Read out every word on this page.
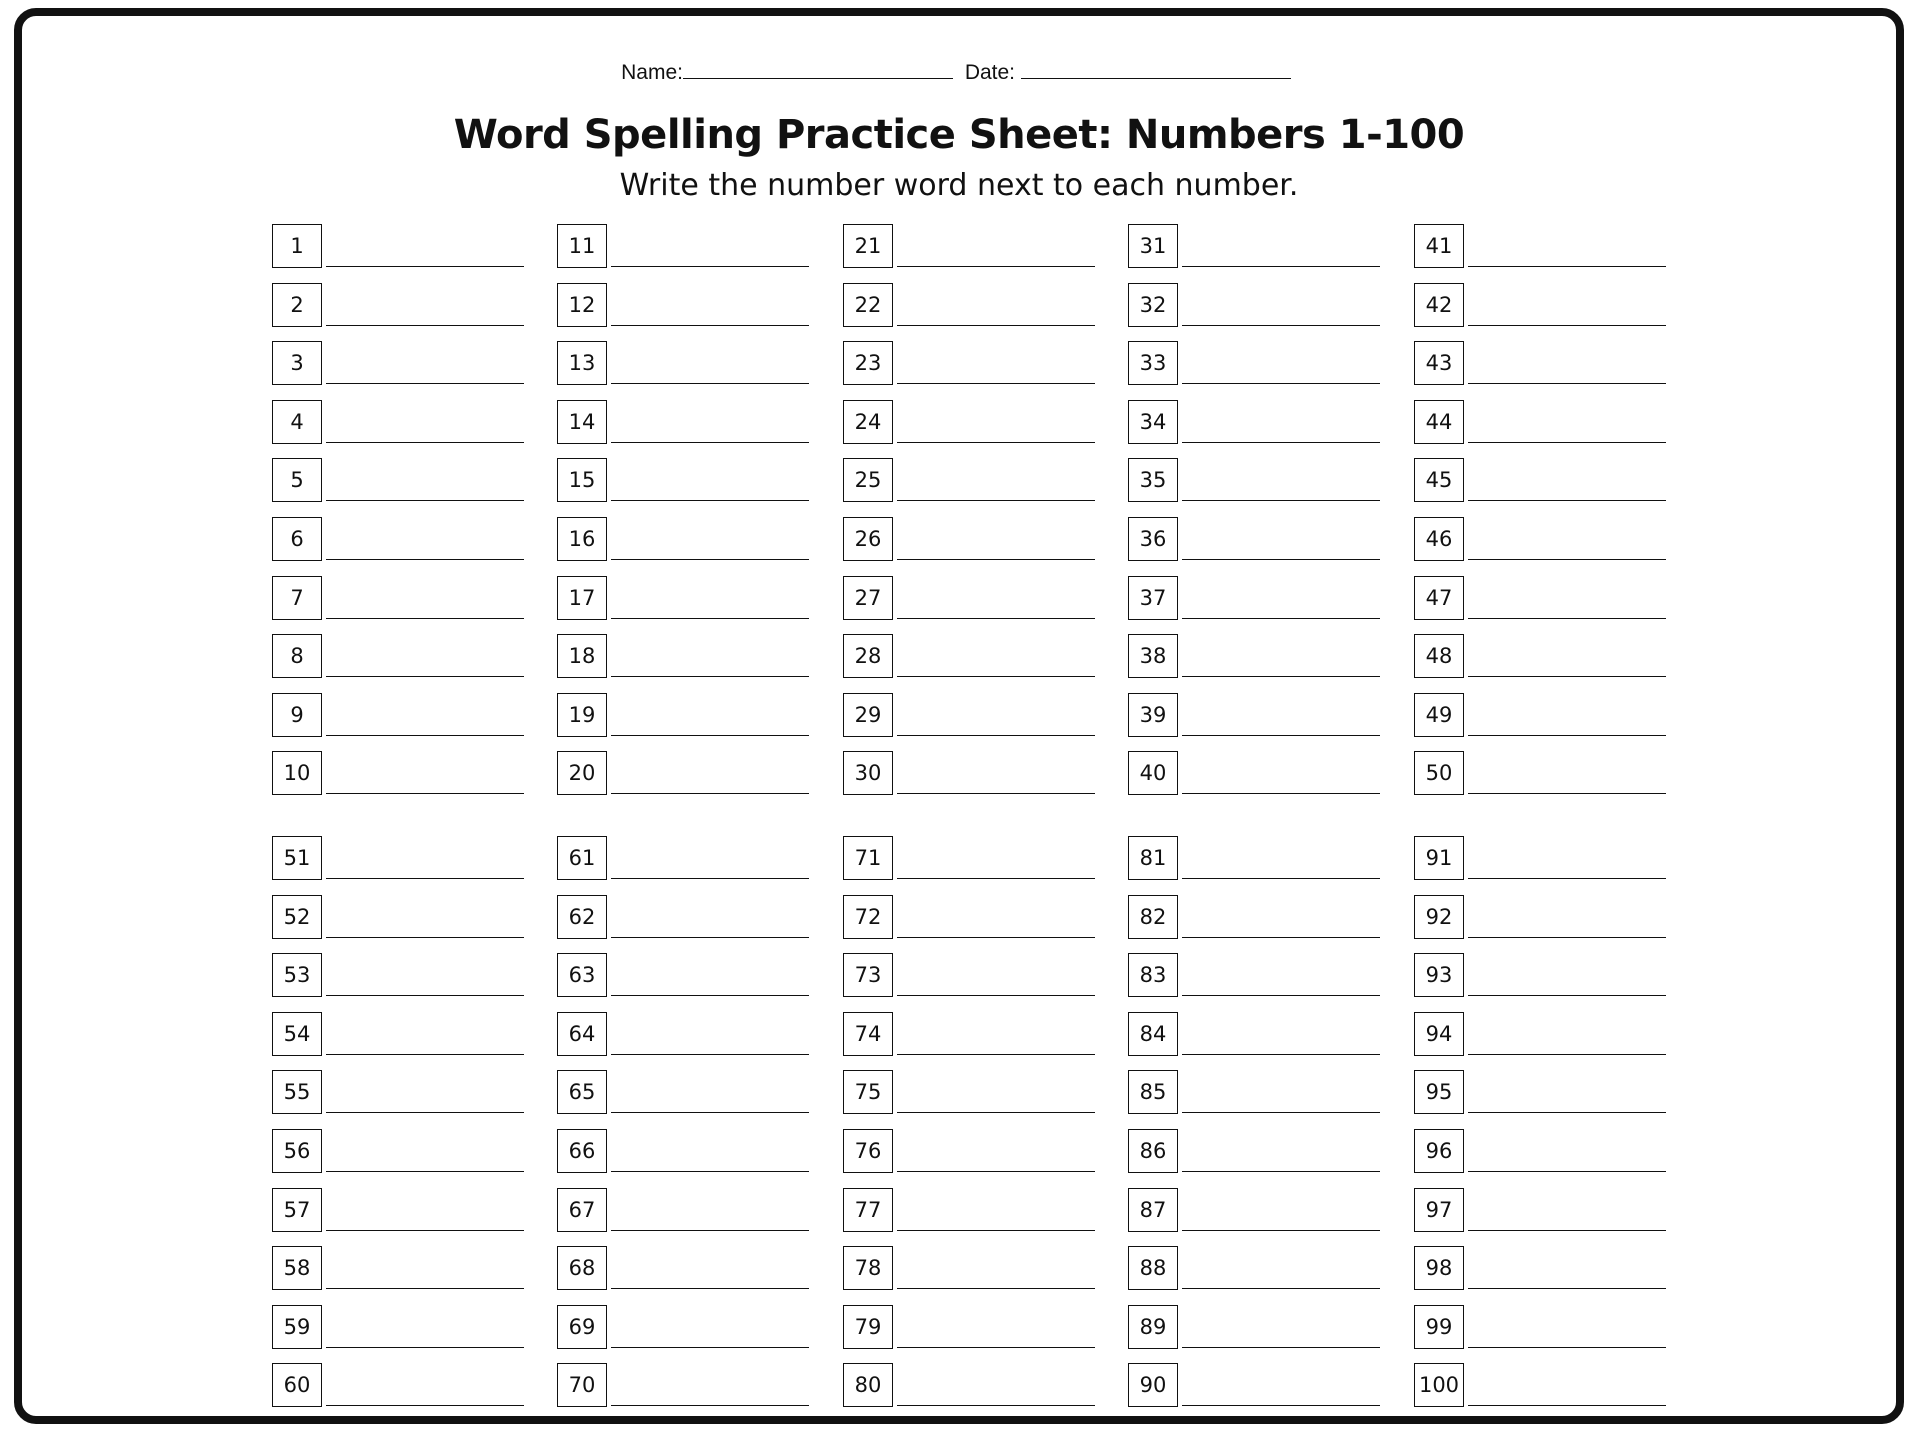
Name:	Date:
Word Spelling Practice Sheet: Numbers 1-100
Write the number word next to each number.
1
2
3
4
5
6
7
8
9
10
11
12
13
14
15
16
17
18
19
20
21
22
23
24
25
26
27
28
29
30
31
32
33
34
35
36
37
38
39
40
41
42
43
44
45
46
47
48
49
50
51
52
53
54
55
56
57
58
59
60
61
62
63
64
65
66
67
68
69
70
71
72
73
74
75
76
77
78
79
80
81
82
83
84
85
86
87
88
89
90
91
92
93
94
95
96
97
98
99
100
